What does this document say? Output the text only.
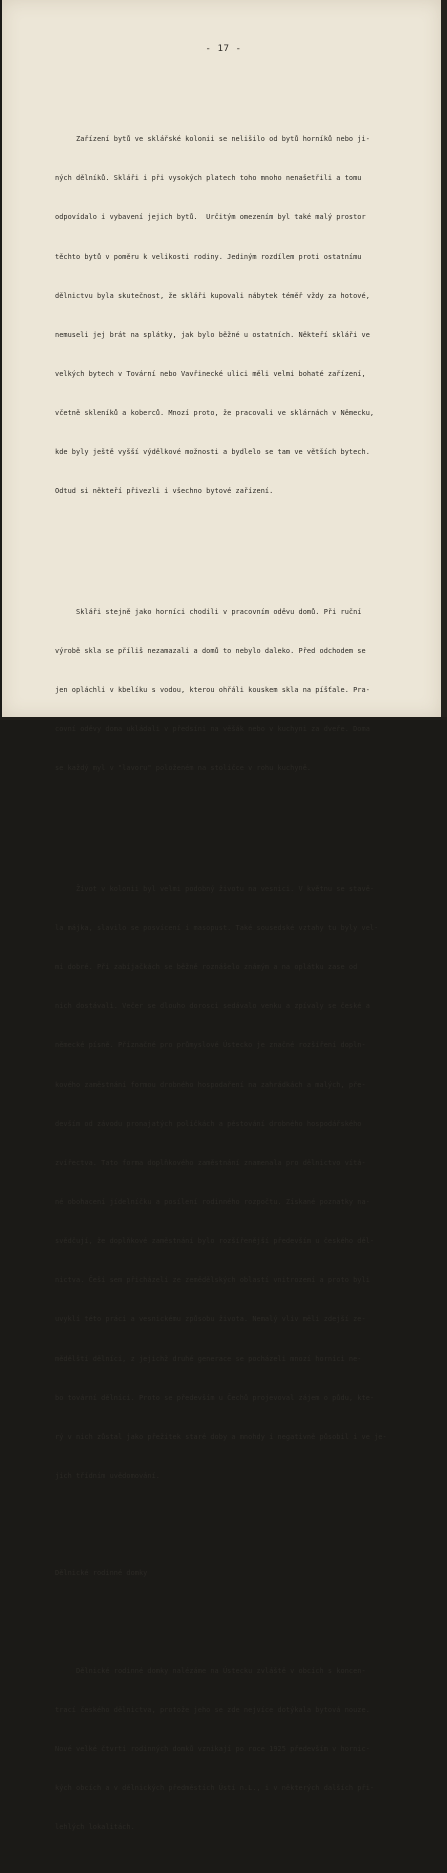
- 17 -

Zařízení bytů ve sklářské kolonii se nelišilo od bytů horníků nebo ji-

ných dělníků. Skláři i při vysokých platech toho mnoho nenašetřili a tomu

odpovídalo i vybavení jejich bytů.  Určitým omezením byl také malý prostor

těchto bytů v poměru k velikosti rodiny. Jediným rozdílem proti ostatnímu

dělnictvu byla skutečnost, že skláři kupovali nábytek téměř vždy za hotové,

nemuseli jej brát na splátky, jak bylo běžné u ostatních. Někteří skláři ve

velkých bytech v Tovární nebo Vavřinecké ulici měli velmi bohaté zařízení,

včetně skleníků a koberců. Mnozí proto, že pracovali ve sklárnách v Německu,

kde byly ještě vyšší výdělkové možnosti a bydlelo se tam ve větších bytech.

Odtud si někteří přivezli i všechno bytové zařízení.

Skláři stejně jako horníci chodili v pracovním oděvu domů. Při ruční

výrobě skla se příliš nezamazali a domů to nebylo daleko. Před odchodem se

jen opláchli v kbelíku s vodou, kterou ohřáli kouskem skla na píšťale. Pra-

covní oděvy doma ukládali v předsíni na věšák nebo v kuchyni za dveře. Doma

se každý myl v "lavoru" položeném na stoličce v rohu kuchyně.

Život v kolonii byl velmi podobný životu na vesnici. V květnu se stavě-

la májka, slavilo se posvícení i masopust. Také sousedské vztahy tu byly vel-

mi dobré. Při zabíjačkách se běžně roznášelo známým a na oplátku zase od

nich dostávali. Večer se dlouho dorosci sedávalo venku a zpívaly se české a

německé písně. Příznačné pro průmyslové Ústecko je značné rozšíření dopln-

kového zaměstnání formou drobného hospodaření na zahrádkách a malých, pře-

devším od závodu pronajatých políčkách a pěstování drobného hospodářského

zvířectva. Tato forma doplňkového zaměstnání znamenala pro dělnictvo vítá-

né obohacení jídelníčku a posílení rodinného rozpočtu. Získané poznatky na-

svědčují, že doplňkové zaměstnání bylo rozšířenější především u českého děl-

nictva. Češi sem přicházeli ze zemědělských oblastí vnitrozemí a proto byli

uvyklí této práci a vesnickému způsobu života. Nemalý vliv měli zdejší ze-

mědělští dělníci, z jejichž druhé generace se pocházeli mnozí horníci ne-

bo tovární dělníci. Proto se především u Čechů projevoval zájem o půdu, kte-

rý v nich zůstal jako přežitek staré doby a mnohdy i negativně působil i ve je-

jich třídním uvědomování.

Dělnické rodinné domky

Dělnické rodinné domky nalézáme na Ústecku zvláště v obcích s koncen-

trací českého dělnictva, protože jeho se zde nejvíce dotýkala bytová nouze.

Nové velké čtvrti rodinných domků vznikají po roce 1925 především v hornic-

kých obcích a v dělnických předměstích Ústí n.L., i v některých dalších při-

lehlých lokalitách.
